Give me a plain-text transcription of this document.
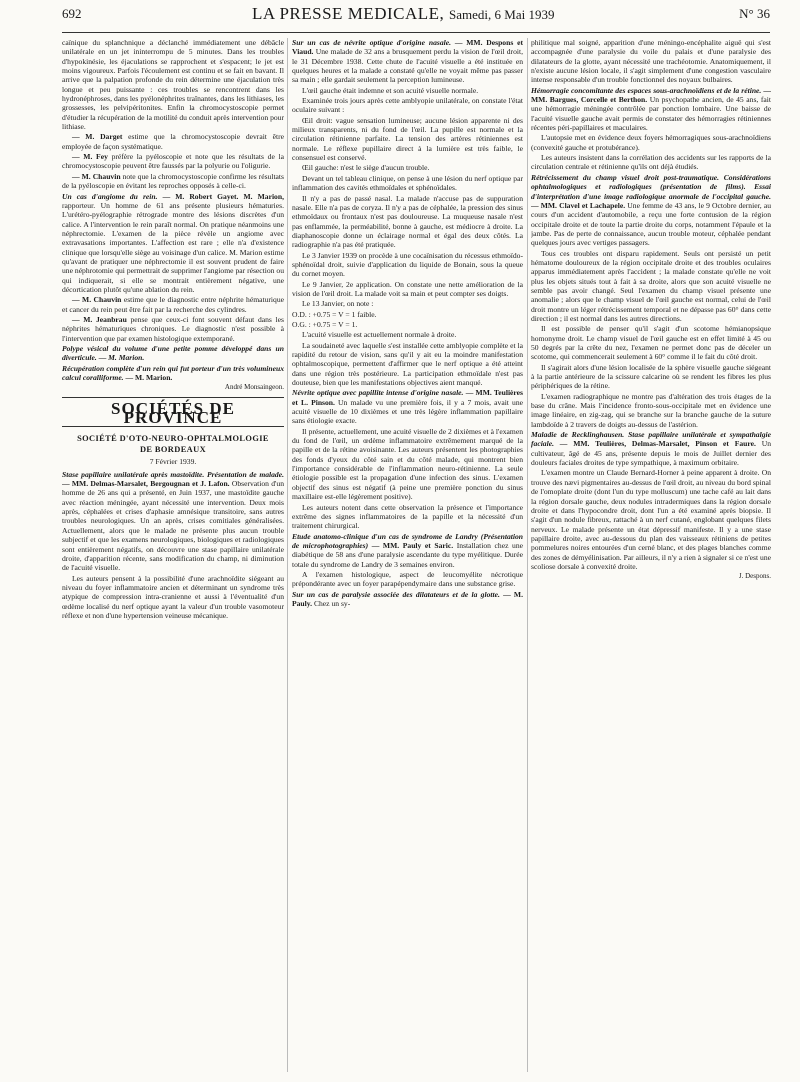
692	LA PRESSE MEDICALE, Samedi, 6 Mai 1939	N° 36

caïnique du splanchnique a déclanché immédiatement une débâcle unilatérale en un jet ininterrompu de 5 minutes. Dans les troubles d'hypokinésie, les éjaculations se rapprochent et s'espacent; le jet est moins vigoureux. Parfois l'écoulement est continu et se fait en bavant. Il arrive que la palpation profonde du rein détermine une éjaculation très longue et peu puissante : ces troubles se rencontrent dans les hydronéphroses, dans les pyélonéphrites traînantes, dans les lithiases, les grossesses, les pelvipéritonites. Enfin la chromocystoscopie permet d'étudier la récupération de la motilité du conduit après intervention pour lithiase.

— M. Darget estime que la chromocystoscopie devrait être employée de façon systématique.

— M. Fey préfère la pyéloscopie et note que les résultats de la chromocystoscopie peuvent être faussés par la polyurie ou l'oligurie.

— M. Chauvin note que la chromocystoscopie confirme les résultats de la pyéloscopie en évitant les reproches opposés à celle-ci.

Un cas d'angiome du rein. — M. Robert Gayet. M. Marion, rapporteur. Un homme de 61 ans présente plusieurs hématuries. L'urétéro-pyélographie rétrograde montre des lésions discrètes d'un calice. A l'intervention le rein paraît normal. On pratique néanmoins une néphrectomie. L'examen de la pièce révèle un angiome avec extravasations importantes. L'affection est rare ; elle n'a d'existence clinique que lorsqu'elle siège au voisinage d'un calice. M. Marion estime qu'avant de pratiquer une néphrectomie il est souvent prudent de faire une néphrotomie qui permettrait de supprimer l'angiome par résection ou qui indiquerait, si elle se montrait entièrement négative, une décortication plutôt qu'une ablation du rein.

— M. Chauvin estime que le diagnostic entre néphrite hématurique et cancer du rein peut être fait par la recherche des cylindres.

— M. Jeanbrau pense que ceux-ci font souvent défaut dans les néphrites hématuriques chroniques. Le diagnostic n'est possible à l'intervention que par examen histologique extemporané.

Polype vésical du volume d'une petite pomme développé dans un diverticule. — M. Marion.

Récupération complète d'un rein qui fut porteur d'un très volumineux calcul coralliforme. — M. Marion.

André Monsaingeon.
SOCIÉTÉS DE PROVINCE
SOCIÉTÉ D'OTO-NEURO-OPHTALMOLOGIE DE BORDEAUX
7 Février 1939.

Stase papillaire unilatérale après mastoïdite. Présentation de malade. — MM. Delmas-Marsalet, Bergougnan et J. Lafon. Observation d'un homme de 26 ans qui a présenté, en Juin 1937, une mastoïdite gauche avec réaction méningée, ayant nécessité une intervention. Deux mois après, céphalées et crises d'aphasie amnésique transitoire, sans autres troubles neurologiques. Un an après, crises comitiales généralisées. Actuellement, alors que le malade ne présente plus aucun trouble subjectif et que les examens neurologiques, biologiques et radiologiques sont entièrement négatifs, on découvre une stase papillaire unilatérale droite, d'apparition récente, sans modification du champ, ni diminution de l'acuité visuelle.

Les auteurs pensent à la possibilité d'une arachnoïdite siégeant au niveau du foyer inflammatoire ancien et déterminant un syndrome très atypique de compression intra-cranienne et aussi à l'éventualité d'un œdème localisé du nerf optique ayant la valeur d'un trouble vasomoteur réflexe et non d'une hypertension veineuse mécanique.

Sur un cas de névrite optique d'origine nasale. — MM. Despons et Viaud. Une malade de 32 ans a brusquement perdu la vision de l'œil droit, le 31 Décembre 1938. Cette chute de l'acuité visuelle a été instituée en quelques heures et la malade a constaté qu'elle ne voyait même pas passer sa main ; elle gardait seulement la perception lumineuse.

L'œil gauche était indemne et son acuité visuelle normale.

Examinée trois jours après cette amblyopie unilatérale, on constate l'état oculaire suivant :

Œil droit: vague sensation lumineuse; aucune lésion apparente ni des milieux transparents, ni du fond de l'œil. La pupille est normale et la circulation rétinienne parfaite. La tension des artères rétiniennes est normale. Le réflexe pupillaire direct à la lumière est très faible, le consensuel est conservé.

Œil gauche: n'est le siège d'aucun trouble.

Devant un tel tableau clinique, on pense à une lésion du nerf optique par inflammation des cavités ethmoïdales et sphénoïdales.

Il n'y a pas de passé nasal. La malade n'accuse pas de suppuration nasale. Elle n'a pas de coryza. Il n'y a pas de céphalée, la pression des sinus ethmoïdaux ou frontaux n'est pas douloureuse. La muqueuse nasale n'est pas enflammée, la perméabilité, bonne à gauche, est médiocre à droite. La diaphanoscopie donne un éclairage normal et égal des deux côtés. La radiographie n'a pas été pratiquée.

Le 3 Janvier 1939 on procède à une cocaïnisation du récessus ethmoïdo-sphénoïdal droit, suivie d'application du liquide de Bonain, sous la queue du cornet moyen.

Le 9 Janvier, 2e application. On constate une nette amélioration de la vision de l'œil droit. La malade voit sa main et peut compter ses doigts.

Le 13 Janvier, on note :

O.D. : +0.75 = V = 1 faible.

O.G. : +0.75 = V = 1.

L'acuité visuelle est actuellement normale à droite.

La soudaineté avec laquelle s'est installée cette amblyopie complète et la rapidité du retour de vision, sans qu'il y ait eu la moindre manifestation ophtalmoscopique, permettent d'affirmer que le nerf optique a été atteint dans une région très postérieure. La participation ethmoïdale n'est pas douteuse, bien que les manifestations objectives aient manqué.

Névrite optique avec papillite intense d'origine nasale. — MM. Teulières et L. Pinson. Un malade vu une première fois, il y a 7 mois, avait une acuité visuelle de 10 dixièmes et une très légère inflammation papillaire sans étiologie exacte.

Il présente, actuellement, une acuité visuelle de 2 dixièmes et à l'examen du fond de l'œil, un œdème inflammatoire extrêmement marqué de la papille et de la rétine avoisinante. Les auteurs présentent les photographies des fonds d'yeux du côté sain et du côté malade, qui montrent bien l'importance considérable de l'inflammation neuro-rétinienne. La seule étiologie possible est la propagation d'une infection des sinus. L'examen objectif des sinus est négatif (à peine une première ponction du sinus maxillaire est-elle légèrement positive).

Les auteurs notent dans cette observation la présence et l'importance extrême des signes inflammatoires de la papille et la nécessité d'un traitement chirurgical.

Etude anatomo-clinique d'un cas de syndrome de Landry (Présentation de microphotographies) — MM. Pauly et Saric. Installation chez une diabétique de 58 ans d'une paralysie ascendante du type myélitique. Durée totale du syndrome de Landry de 3 semaines environ.

A l'examen histologique, aspect de leucomyélite nécrotique prépondérante avec un foyer parapépendymaire dans une substance grise.

Sur un cas de paralysie associée des dilatateurs et de la glotte. — M. Pauly. Chez un sy-

philitique mal soigné, apparition d'une méningo-encéphalite aiguë qui s'est accompagnée d'une paralysie du voile du palais et d'une paralysie des dilatateurs de la glotte, ayant nécessité une trachéotomie. Anatomiquement, il n'existe aucune lésion locale, il s'agit simplement d'une congestion vasculaire intense responsable d'un trouble fonctionnel des noyaux bulbaires.

Hémorragie concomitante des espaces sous-arachnoïdiens et de la rétine. — MM. Bargues, Corcelle et Berthon. Un psychopathe ancien, de 45 ans, fait une hémorragie méningée contrôlée par ponction lombaire. Une baisse de l'acuité visuelle gauche avait permis de constater des hémorragies rétiniennes récentes péri-papillaires et maculaires.

L'autopsie met en évidence deux foyers hémorragiques sous-arachnoïdiens (convexité gauche et protubérance).

Les auteurs insistent dans la corrélation des accidents sur les rapports de la circulation centrale et rétinienne qu'ils ont déjà étudiés.

Rétrécissement du champ visuel droit post-traumatique. Considérations ophtalmologiques et radiologiques (présentation de films). Essai d'interprétation d'une image radiologique anormale de l'occipital gauche. — MM. Clavel et Lachapele. Une femme de 43 ans, le 9 Octobre dernier, au cours d'un accident d'automobile, a reçu une forte contusion de la région occipitale droite et de toute la partie droite du corps, notamment l'épaule et la jambe. Pas de perte de connaissance, aucun trouble moteur, céphalée pendant quelques jours avec vertiges passagers.

Tous ces troubles ont disparu rapidement. Seuls ont persisté un petit hématome douloureux de la région occipitale droite et des troubles oculaires apparus immédiatement après l'accident ; la malade constate qu'elle ne voit plus les objets situés tout à fait à sa droite, alors que son acuité visuelle ne semble pas avoir changé. Seul l'examen du champ visuel présente une anomalie ; alors que le champ visuel de l'œil gauche est normal, celui de l'œil droit montre un léger rétrécissement temporal et ne dépasse pas 60° dans cette direction ; il est normal dans les autres directions.

Il est possible de penser qu'il s'agit d'un scotome hémianopsique homonyme droit. Le champ visuel de l'œil gauche est en effet limité à 45 ou 50 degrés par la crête du nez, l'examen ne permet donc pas de déceler un scotome, qui commencerait seulement à 60° comme il le fait du côté droit.

Il s'agirait alors d'une lésion localisée de la sphère visuelle gauche siégeant à la partie antérieure de la scissure calcarine où se rendent les fibres les plus périphériques de la rétine.

L'examen radiographique ne montre pas d'altération des trois étages de la base du crâne. Mais l'incidence fronto-sous-occipitale met en évidence une image linéaire, en zig-zag, qui se branche sur la branche gauche de la suture lambdoïde à 2 travers de doigts au-dessus de l'astérion.

Maladie de Recklinghausen. Stase papillaire unilatérale et sympathalgie faciale. — MM. Teulières, Delmas-Marsalet, Pinson et Faure. Un cultivateur, âgé de 45 ans, présente depuis le mois de Juillet dernier des douleurs faciales droites de type sympathique, à maximum orbitaire.

L'examen montre un Claude Bernard-Horner à peine apparent à droite. On trouve des nævi pigmentaires au-dessus de l'œil droit, au niveau du bord spinal de l'omoplate droite (dont l'un du type molluscum) une tache café au lait dans la région dorsale gauche, deux nodules intradermiques dans la région dorsale droite et dans l'hypocondre droit, dont l'un a été examiné après biopsie. Il s'agit d'un nodule fibreux, rattaché à un nerf cutané, englobant quelques filets nerveux. Le malade présente un état dépressif manifeste. Il y a une stase papillaire droite, avec au-dessous du plan des vaisseaux rétiniens de petites pommelures noires entourées d'un cerné blanc, et des plages blanches comme des zones de démyélinisation. Par ailleurs, il n'y a rien à signaler si ce n'est une scoliose dorsale à convexité droite.

J. Despons.
